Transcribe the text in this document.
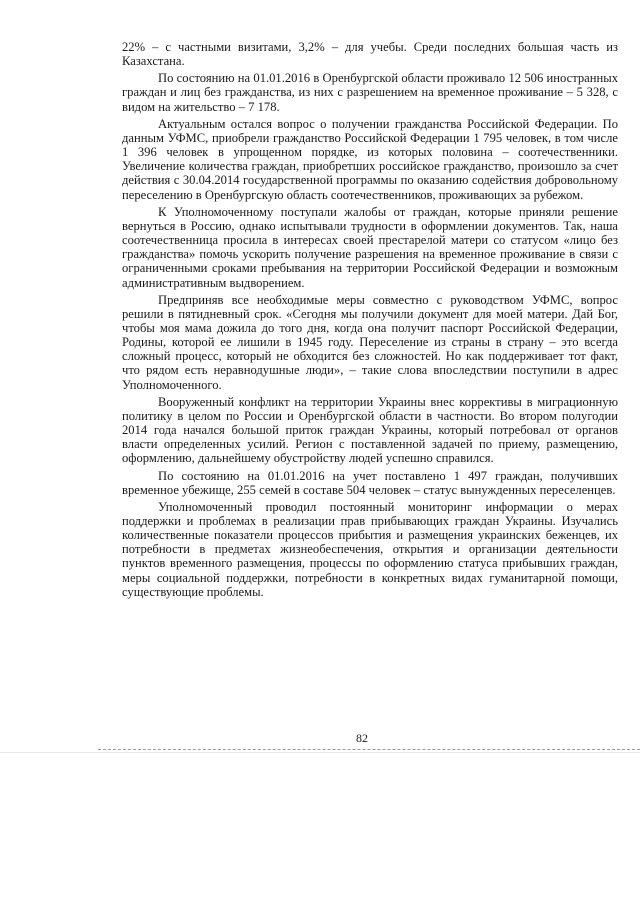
22% – с частными визитами, 3,2% – для учебы. Среди последних большая часть из Казахстана.

По состоянию на 01.01.2016 в Оренбургской области проживало 12 506 иностранных граждан и лиц без гражданства, из них с разрешением на временное проживание – 5 328, с видом на жительство – 7 178.

Актуальным остался вопрос о получении гражданства Российской Федерации. По данным УФМС, приобрели гражданство Российской Федерации 1 795 человек, в том числе 1 396 человек в упрощенном порядке, из которых половина – соотечественники. Увеличение количества граждан, приобретших российское гражданство, произошло за счет действия с 30.04.2014 государственной программы по оказанию содействия добровольному переселению в Оренбургскую область соотечественников, проживающих за рубежом.

К Уполномоченному поступали жалобы от граждан, которые приняли решение вернуться в Россию, однако испытывали трудности в оформлении документов. Так, наша соотечественница просила в интересах своей престарелой матери со статусом «лицо без гражданства» помочь ускорить получение разрешения на временное проживание в связи с ограниченными сроками пребывания на территории Российской Федерации и возможным административным выдворением.

Предприняв все необходимые меры совместно с руководством УФМС, вопрос решили в пятидневный срок. «Сегодня мы получили документ для моей матери. Дай Бог, чтобы моя мама дожила до того дня, когда она получит паспорт Российской Федерации, Родины, которой ее лишили в 1945 году. Переселение из страны в страну – это всегда сложный процесс, который не обходится без сложностей. Но как поддерживает тот факт, что рядом есть неравнодушные люди», – такие слова впоследствии поступили в адрес Уполномоченного.

Вооруженный конфликт на территории Украины внес коррективы в миграционную политику в целом по России и Оренбургской области в частности. Во втором полугодии 2014 года начался большой приток граждан Украины, который потребовал от органов власти определенных усилий. Регион с поставленной задачей по приему, размещению, оформлению, дальнейшему обустройству людей успешно справился.

По состоянию на 01.01.2016 на учет поставлено 1 497 граждан, получивших временное убежище, 255 семей в составе 504 человек – статус вынужденных переселенцев.

Уполномоченный проводил постоянный мониторинг информации о мерах поддержки и проблемах в реализации прав прибывающих граждан Украины. Изучались количественные показатели процессов прибытия и размещения украинских беженцев, их потребности в предметах жизнеобеспечения, открытия и организации деятельности пунктов временного размещения, процессы по оформлению статуса прибывших граждан, меры социальной поддержки, потребности в конкретных видах гуманитарной помощи, существующие проблемы.

82
